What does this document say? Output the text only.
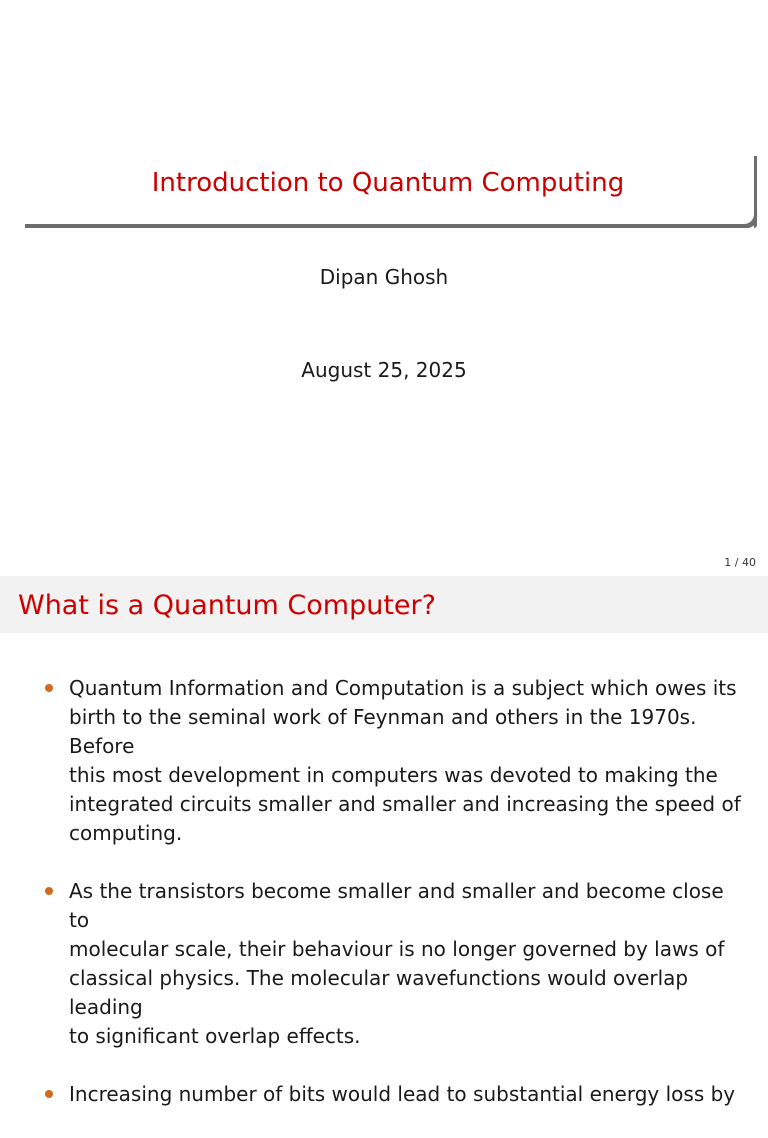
Introduction to Quantum Computing
Dipan Ghosh
August 25, 2025
1 / 40
What is a Quantum Computer?
Quantum Information and Computation is a subject which owes its
birth to the seminal work of Feynman and others in the 1970s. Before
this most development in computers was devoted to making the
integrated circuits smaller and smaller and increasing the speed of
computing.
As the transistors become smaller and smaller and become close to
molecular scale, their behaviour is no longer governed by laws of
classical physics. The molecular wavefunctions would overlap leading
to significant overlap effects.
Increasing number of bits would lead to substantial energy loss by
